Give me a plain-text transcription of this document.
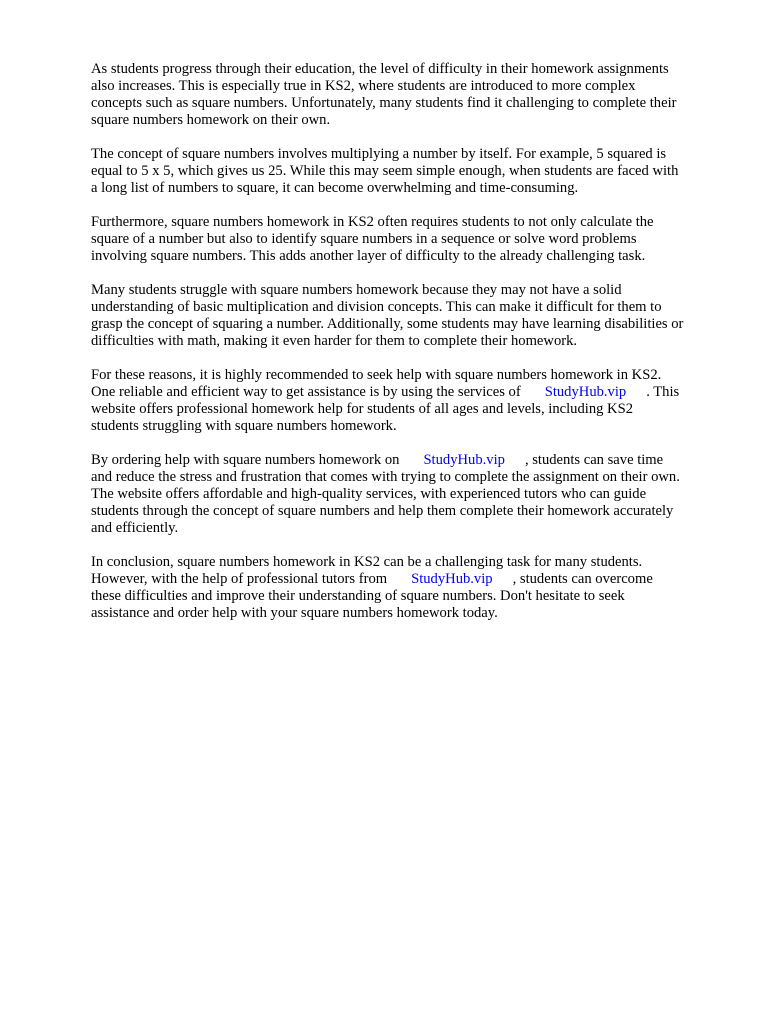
As students progress through their education, the level of difficulty in their homework assignments
also increases. This is especially true in KS2, where students are introduced to more complex
concepts such as square numbers. Unfortunately, many students find it challenging to complete their
square numbers homework on their own.

The concept of square numbers involves multiplying a number by itself. For example, 5 squared is
equal to 5 x 5, which gives us 25. While this may seem simple enough, when students are faced with
a long list of numbers to square, it can become overwhelming and time-consuming.

Furthermore, square numbers homework in KS2 often requires students to not only calculate the
square of a number but also to identify square numbers in a sequence or solve word problems
involving square numbers. This adds another layer of difficulty to the already challenging task.

Many students struggle with square numbers homework because they may not have a solid
understanding of basic multiplication and division concepts. This can make it difficult for them to
grasp the concept of squaring a number. Additionally, some students may have learning disabilities or
difficulties with math, making it even harder for them to complete their homework.

For these reasons, it is highly recommended to seek help with square numbers homework in KS2.
One reliable and efficient way to get assistance is by using the services of StudyHub.vip . This
website offers professional homework help for students of all ages and levels, including KS2
students struggling with square numbers homework.

By ordering help with square numbers homework on StudyHub.vip , students can save time
and reduce the stress and frustration that comes with trying to complete the assignment on their own.
The website offers affordable and high-quality services, with experienced tutors who can guide
students through the concept of square numbers and help them complete their homework accurately
and efficiently.

In conclusion, square numbers homework in KS2 can be a challenging task for many students.
However, with the help of professional tutors from StudyHub.vip , students can overcome
these difficulties and improve their understanding of square numbers. Don't hesitate to seek
assistance and order help with your square numbers homework today.
